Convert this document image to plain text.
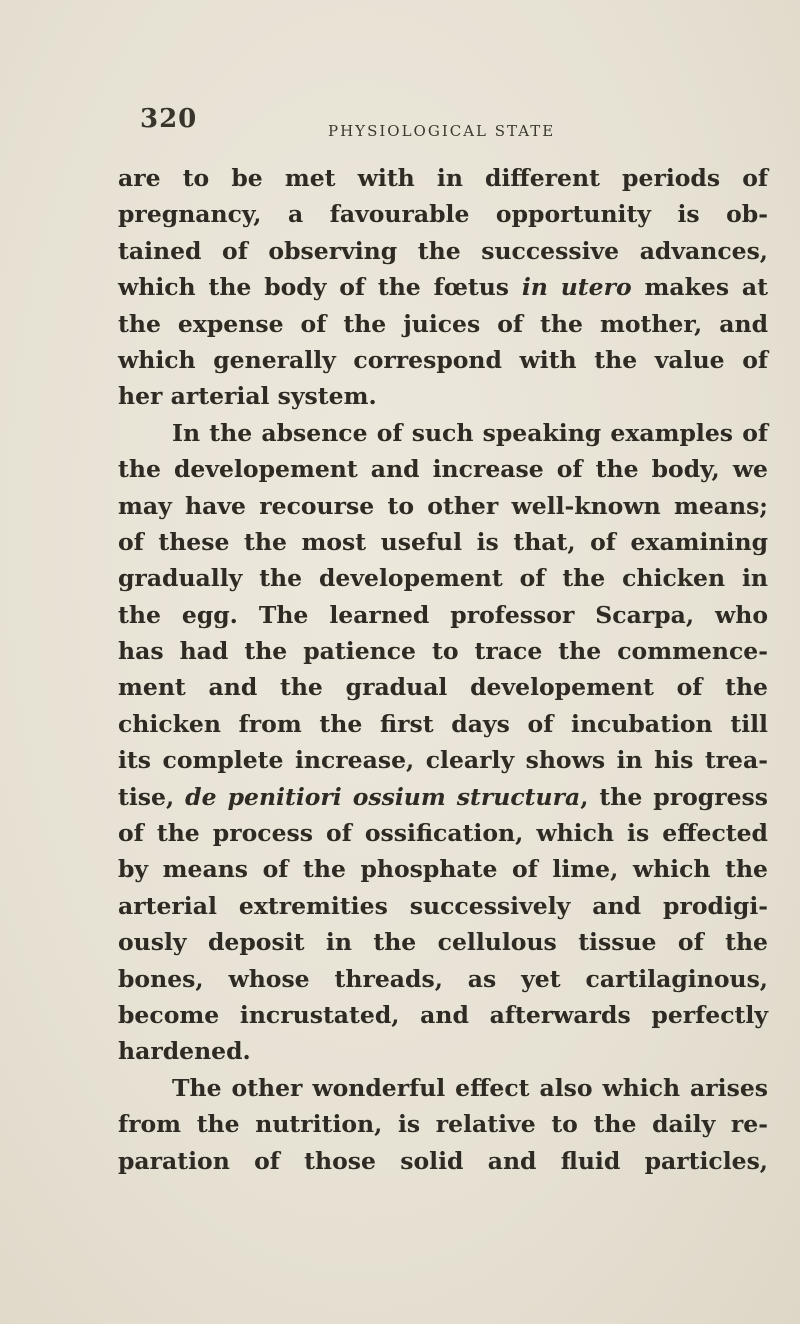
320	PHYSIOLOGICAL STATE
are to be met with in different periods of
pregnancy, a favourable opportunity is ob-
tained of observing the successive advances,
which the body of the fœtus in utero makes at
the expense of the juices of the mother, and
which generally correspond with the value of
her arterial system.
In the absence of such speaking examples of
the developement and increase of the body, we
may have recourse to other well-known means;
of these the most useful is that, of examining
gradually the developement of the chicken in
the egg. The learned professor Scarpa, who
has had the patience to trace the commence-
ment and the gradual developement of the
chicken from the first days of incubation till
its complete increase, clearly shows in his trea-
tise, de penitiori ossium structura, the progress
of the process of ossification, which is effected
by means of the phosphate of lime, which the
arterial extremities successively and prodigi-
ously deposit in the cellulous tissue of the
bones, whose threads, as yet cartilaginous,
become incrustated, and afterwards perfectly
hardened.
The other wonderful effect also which arises
from the nutrition, is relative to the daily re-
paration of those solid and fluid particles,
